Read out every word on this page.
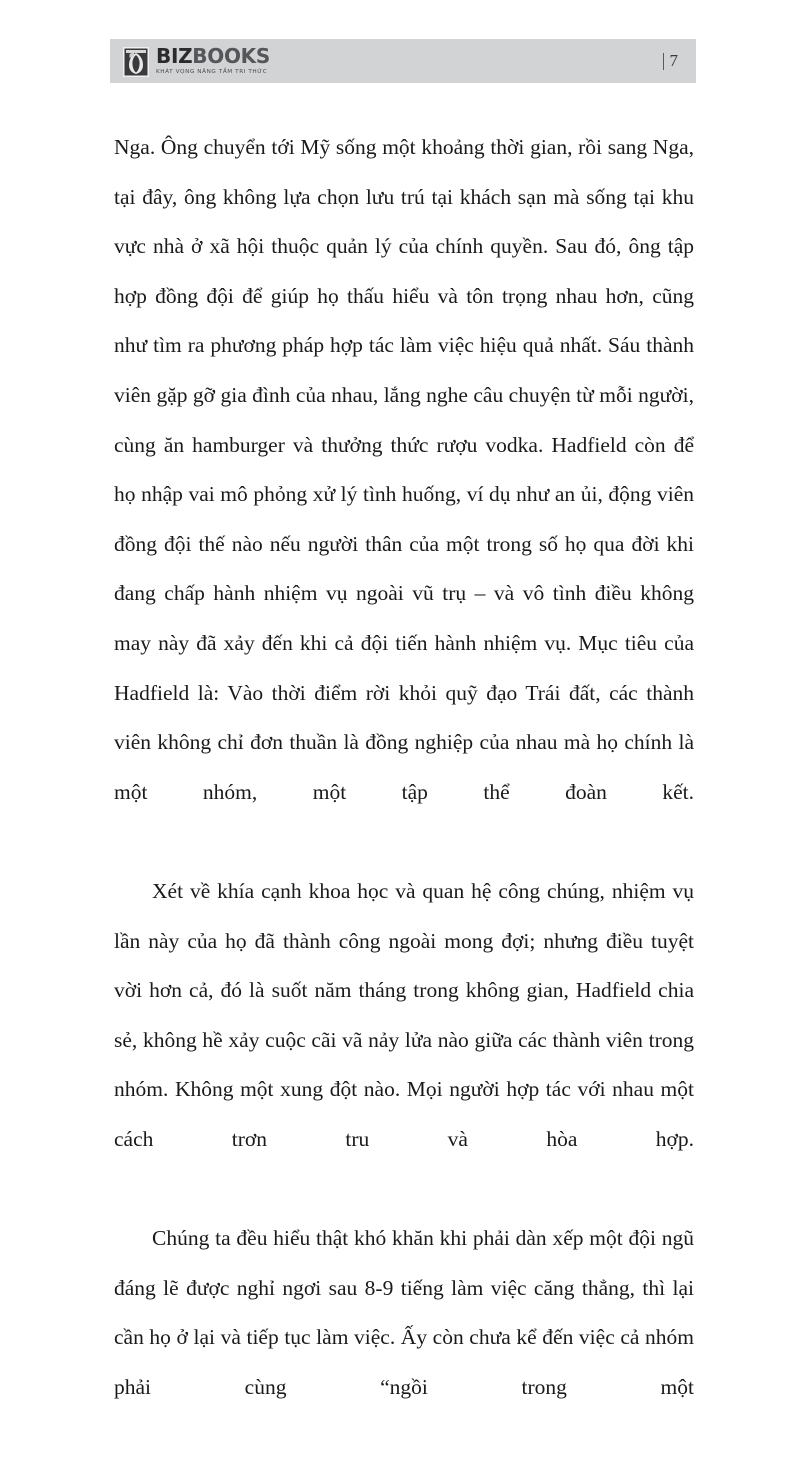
BIZBOOKS
KHÁT VỌNG NÂNG TẦM TRI THỨC
7

Nga. Ông chuyển tới Mỹ sống một khoảng thời gian, rồi sang Nga, tại đây, ông không lựa chọn lưu trú tại khách sạn mà sống tại khu vực nhà ở xã hội thuộc quản lý của chính quyền. Sau đó, ông tập hợp đồng đội để giúp họ thấu hiểu và tôn trọng nhau hơn, cũng như tìm ra phương pháp hợp tác làm việc hiệu quả nhất. Sáu thành viên gặp gỡ gia đình của nhau, lắng nghe câu chuyện từ mỗi người, cùng ăn hamburger và thưởng thức rượu vodka. Hadfield còn để họ nhập vai mô phỏng xử lý tình huống, ví dụ như an ủi, động viên đồng đội thế nào nếu người thân của một trong số họ qua đời khi đang chấp hành nhiệm vụ ngoài vũ trụ – và vô tình điều không may này đã xảy đến khi cả đội tiến hành nhiệm vụ. Mục tiêu của Hadfield là: Vào thời điểm rời khỏi quỹ đạo Trái đất, các thành viên không chỉ đơn thuần là đồng nghiệp của nhau mà họ chính là một nhóm, một tập thể đoàn kết.

Xét về khía cạnh khoa học và quan hệ công chúng, nhiệm vụ lần này của họ đã thành công ngoài mong đợi; nhưng điều tuyệt vời hơn cả, đó là suốt năm tháng trong không gian, Hadfield chia sẻ, không hề xảy cuộc cãi vã nảy lửa nào giữa các thành viên trong nhóm. Không một xung đột nào. Mọi người hợp tác với nhau một cách trơn tru và hòa hợp.

Chúng ta đều hiểu thật khó khăn khi phải dàn xếp một đội ngũ đáng lẽ được nghỉ ngơi sau 8-9 tiếng làm việc căng thẳng, thì lại cần họ ở lại và tiếp tục làm việc. Ấy còn chưa kể đến việc cả nhóm phải cùng “ngồi trong một
